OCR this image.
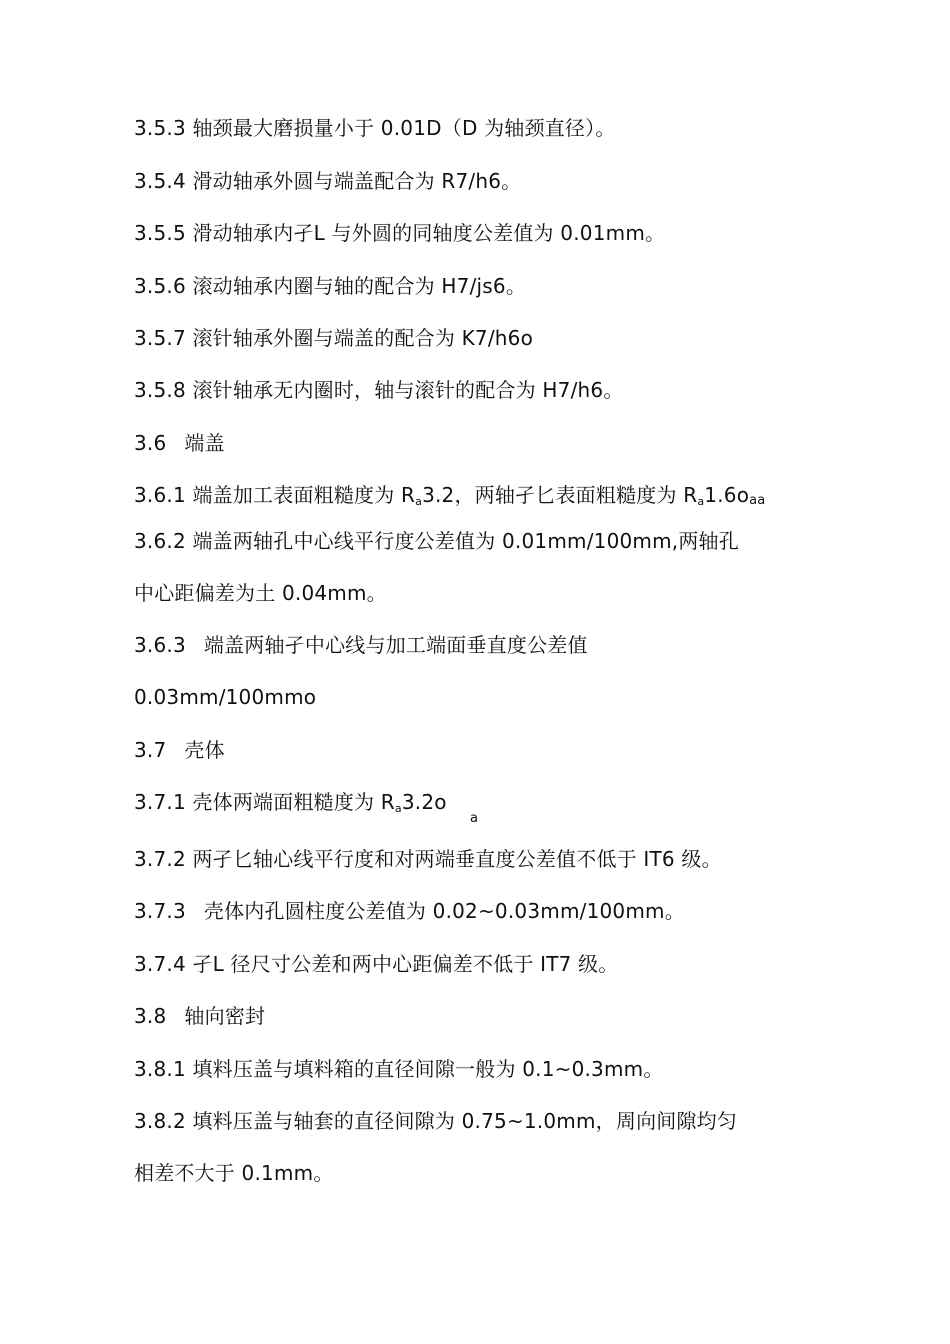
3.5.3 轴颈最大磨损量小于 0.01D（D 为轴颈直径）。
3.5.4 滑动轴承外圆与端盖配合为 R7/h6。
3.5.5 滑动轴承内孑L 与外圆的同轴度公差值为 0.01mm。
3.5.6 滚动轴承内圈与轴的配合为 H7/js6。
3.5.7 滚针轴承外圈与端盖的配合为 K7/h6o
3.5.8 滚针轴承无内圈时，轴与滚针的配合为 H7/h6。
3.6 端盖
3.6.1 端盖加工表面粗糙度为 $R_a3.2$，两轴孑匕表面粗糙度为 $R_a1.6oaa$
3.6.2 端盖两轴孔中心线平行度公差值为 0.01mm/100mm,两轴孔
中心距偏差为土 0.04mm。
3.6.3 端盖两轴孑中心线与加工端面垂直度公差值
0.03mm/100mmo
3.7 壳体
3.7.1 壳体两端面粗糙度为 $R_a3.2o$
a
3.7.2 两孑匕轴心线平行度和对两端垂直度公差值不低于 IT6 级。
3.7.3 壳体内孔圆柱度公差值为 0.02~0.03mm/100mm。
3.7.4 孑L 径尺寸公差和两中心距偏差不低于 IT7 级。
3.8 轴向密封
3.8.1 填料压盖与填料箱的直径间隙一般为 0.1~0.3mm。
3.8.2 填料压盖与轴套的直径间隙为 0.75~1.0mm，周向间隙均匀
相差不大于 0.1mm。
